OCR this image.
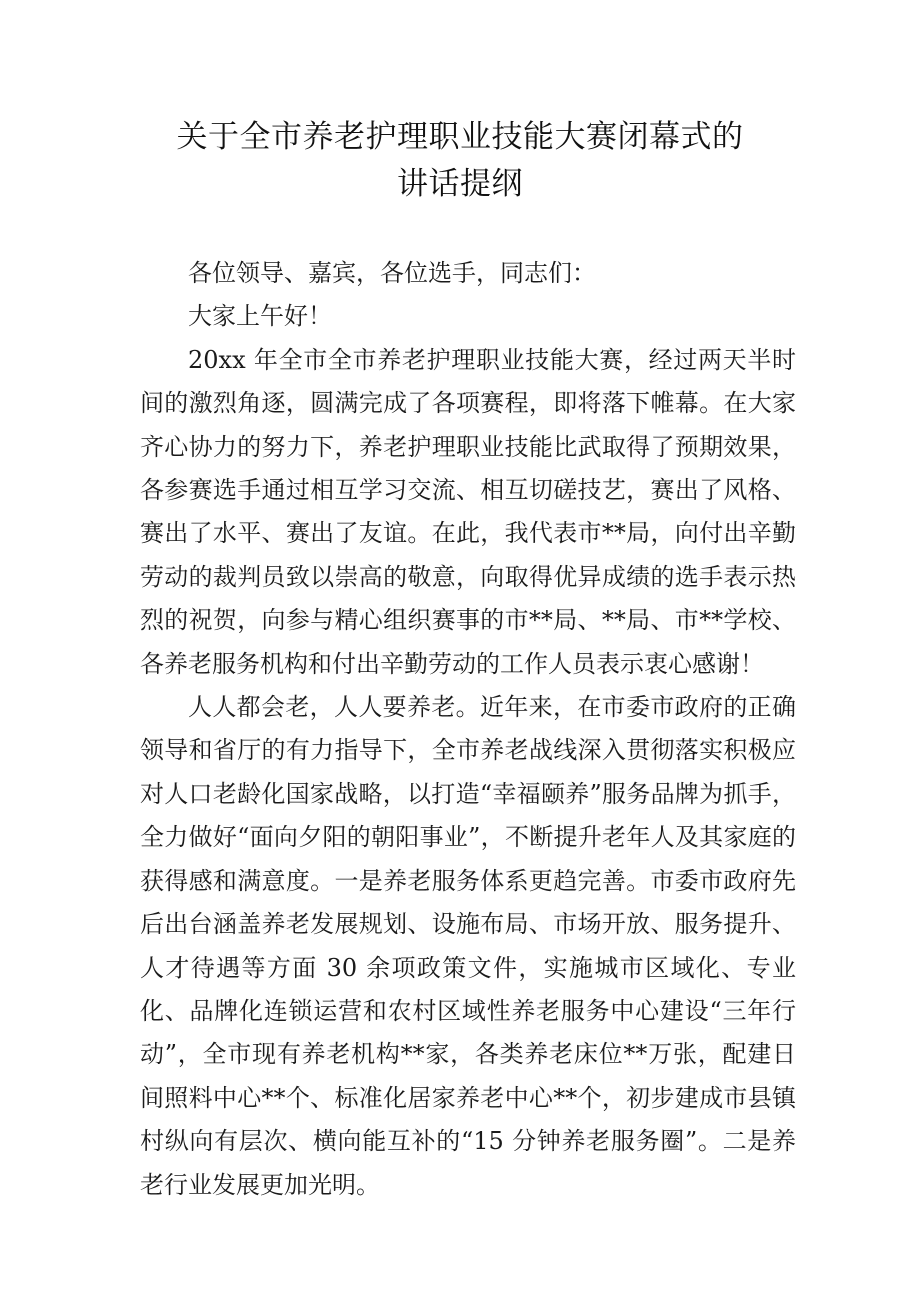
关于全市养老护理职业技能大赛闭幕式的
讲话提纲

各位领导、嘉宾，各位选手，同志们：

大家上午好！

20xx 年全市全市养老护理职业技能大赛，经过两天半时间的激烈角逐，圆满完成了各项赛程，即将落下帷幕。在大家齐心协力的努力下，养老护理职业技能比武取得了预期效果，各参赛选手通过相互学习交流、相互切磋技艺，赛出了风格、赛出了水平、赛出了友谊。在此，我代表市**局，向付出辛勤劳动的裁判员致以崇高的敬意，向取得优异成绩的选手表示热烈的祝贺，向参与精心组织赛事的市**局、**局、市**学校、各养老服务机构和付出辛勤劳动的工作人员表示衷心感谢！

人人都会老，人人要养老。近年来，在市委市政府的正确领导和省厅的有力指导下，全市养老战线深入贯彻落实积极应对人口老龄化国家战略，以打造“幸福颐养”服务品牌为抓手，全力做好“面向夕阳的朝阳事业”，不断提升老年人及其家庭的获得感和满意度。一是养老服务体系更趋完善。市委市政府先后出台涵盖养老发展规划、设施布局、市场开放、服务提升、人才待遇等方面 30 余项政策文件，实施城市区域化、专业化、品牌化连锁运营和农村区域性养老服务中心建设“三年行动”，全市现有养老机构**家，各类养老床位**万张，配建日间照料中心**个、标准化居家养老中心**个，初步建成市县镇村纵向有层次、横向能互补的“15 分钟养老服务圈”。二是养老行业发展更加光明。
